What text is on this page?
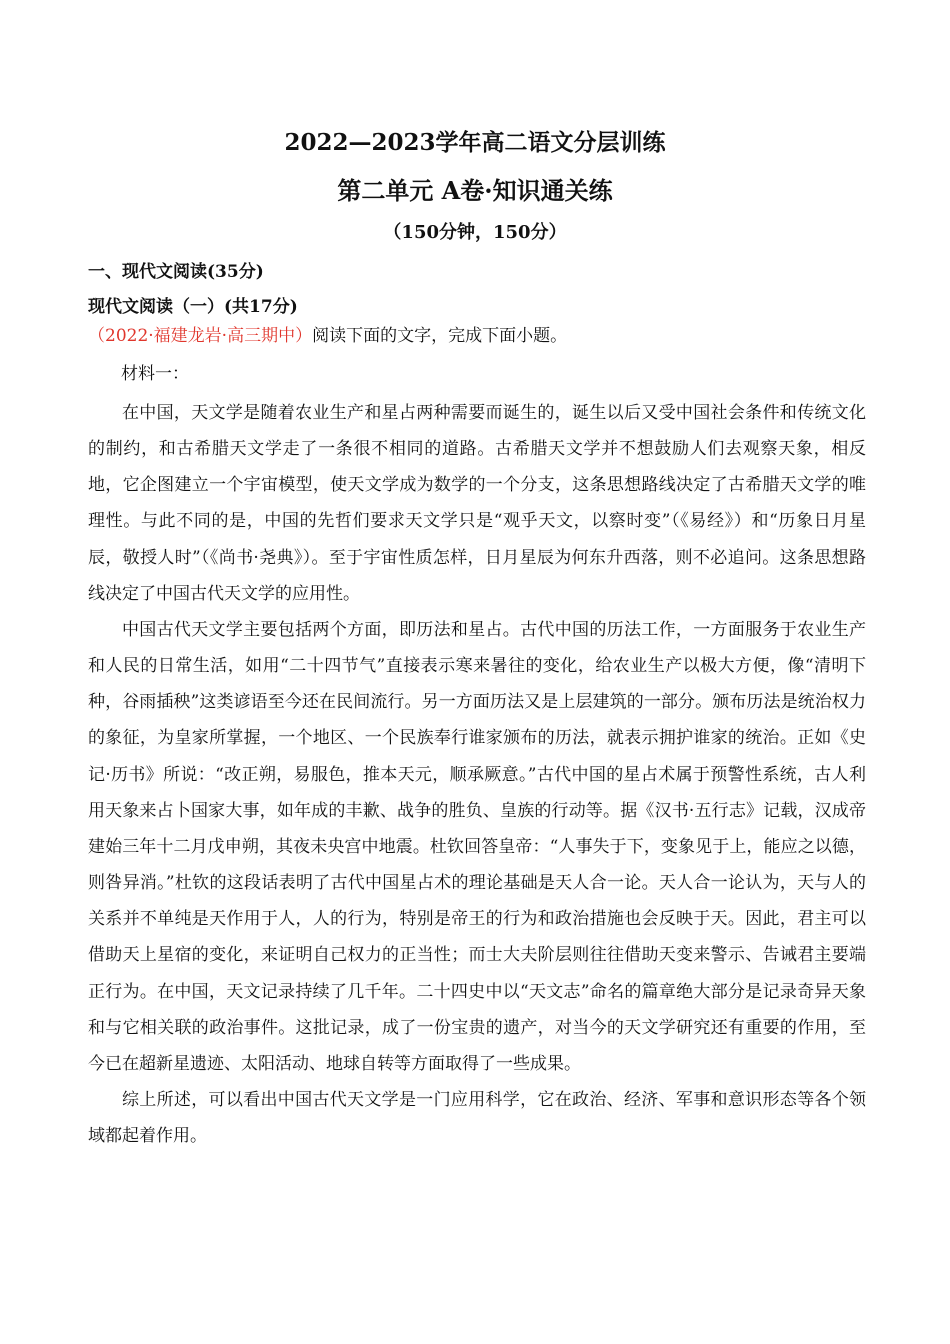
2022—2023学年高二语文分层训练
第二单元 A卷·知识通关练
（150分钟，150分）
一、现代文阅读(35分)
现代文阅读（一）(共17分)
（2022·福建龙岩·高三期中）阅读下面的文字，完成下面小题。
材料一：

在中国，天文学是随着农业生产和星占两种需要而诞生的，诞生以后又受中国社会条件和传统文化的制约，和古希腊天文学走了一条很不相同的道路。古希腊天文学并不想鼓励人们去观察天象，相反地，它企图建立一个宇宙模型，使天文学成为数学的一个分支，这条思想路线决定了古希腊天文学的唯理性。与此不同的是，中国的先哲们要求天文学只是“观乎天文，以察时变”（《易经》）和“历象日月星辰，敬授人时”（《尚书·尧典》）。至于宇宙性质怎样，日月星辰为何东升西落，则不必追问。这条思想路线决定了中国古代天文学的应用性。

中国古代天文学主要包括两个方面，即历法和星占。古代中国的历法工作，一方面服务于农业生产和人民的日常生活，如用“二十四节气”直接表示寒来暑往的变化，给农业生产以极大方便，像“清明下种，谷雨插秧”这类谚语至今还在民间流行。另一方面历法又是上层建筑的一部分。颁布历法是统治权力的象征，为皇家所掌握，一个地区、一个民族奉行谁家颁布的历法，就表示拥护谁家的统治。正如《史记·历书》所说：“改正朔，易服色，推本天元，顺承厥意。”古代中国的星占术属于预警性系统，古人利用天象来占卜国家大事，如年成的丰歉、战争的胜负、皇族的行动等。据《汉书·五行志》记载，汉成帝建始三年十二月戊申朔，其夜未央宫中地震。杜钦回答皇帝：“人事失于下，变象见于上，能应之以德，则咎异消。”杜钦的这段话表明了古代中国星占术的理论基础是天人合一论。天人合一论认为，天与人的关系并不单纯是天作用于人，人的行为，特别是帝王的行为和政治措施也会反映于天。因此，君主可以借助天上星宿的变化，来证明自己权力的正当性；而士大夫阶层则往往借助天变来警示、告诫君主要端正行为。在中国，天文记录持续了几千年。二十四史中以“天文志”命名的篇章绝大部分是记录奇异天象和与它相关联的政治事件。这批记录，成了一份宝贵的遗产，对当今的天文学研究还有重要的作用，至今已在超新星遗迹、太阳活动、地球自转等方面取得了一些成果。

综上所述，可以看出中国古代天文学是一门应用科学，它在政治、经济、军事和意识形态等各个领域都起着作用。
